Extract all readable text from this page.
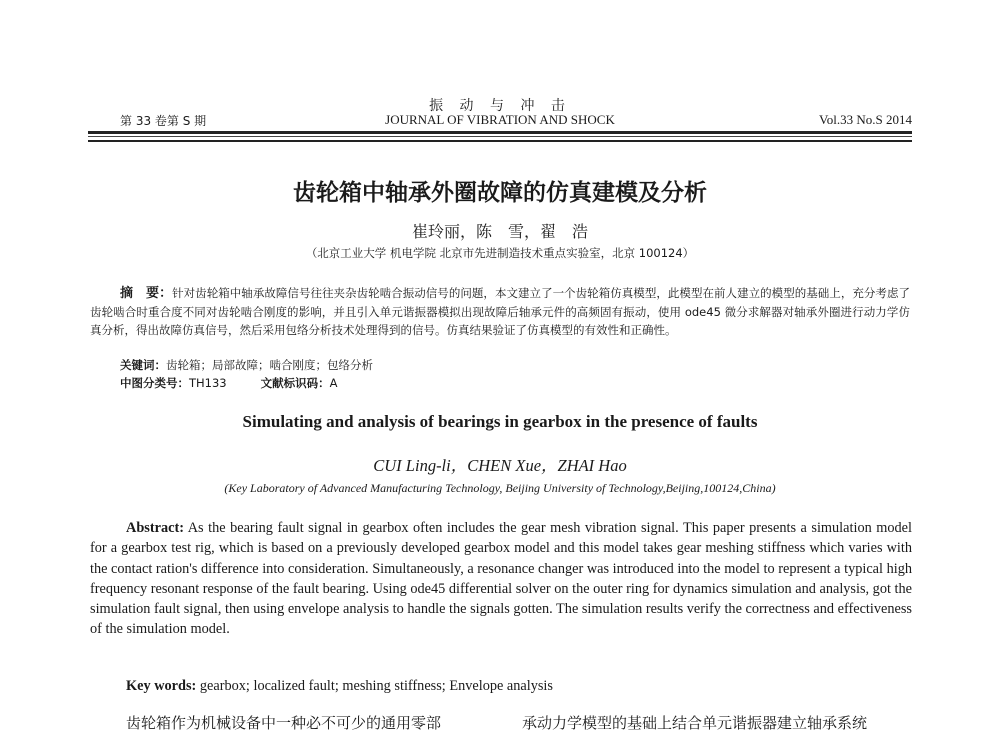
振 动 与 冲 击
第 33 卷第 S 期	JOURNAL OF VIBRATION AND SHOCK	Vol.33 No.S 2014
齿轮箱中轴承外圈故障的仿真建模及分析
崔玲丽，陈　雪，翟　浩
（北京工业大学 机电学院 北京市先进制造技术重点实验室，北京 100124）
摘　要：针对齿轮箱中轴承故障信号往往夹杂齿轮啮合振动信号的问题，本文建立了一个齿轮箱仿真模型，此模型在前人建立的模型的基础上，充分考虑了齿轮啮合时重合度不同对齿轮啮合刚度的影响，并且引入单元谐振器模拟出现故障后轴承元件的高频固有振动，使用 ode45 微分求解器对轴承外圈进行动力学仿真分析，得出故障仿真信号，然后采用包络分析技术处理得到的信号。仿真结果验证了仿真模型的有效性和正确性。
关键词：齿轮箱；局部故障；啮合刚度；包络分析
中图分类号：TH133	文献标识码：A
Simulating and analysis of bearings in gearbox in the presence of faults
CUI Ling-li，CHEN Xue，ZHAI Hao
(Key Laboratory of Advanced Manufacturing Technology, Beijing University of Technology,Beijing,100124,China)
Abstract: As the bearing fault signal in gearbox often includes the gear mesh vibration signal. This paper presents a simulation model for a gearbox test rig, which is based on a previously developed gearbox model and this model takes gear meshing stiffness which varies with the contact ration's difference into consideration. Simultaneously, a resonance changer was introduced into the model to represent a typical high frequency resonant response of the fault bearing. Using ode45 differential solver on the outer ring for dynamics simulation and analysis, got the simulation fault signal, then using envelope analysis to handle the signals gotten. The simulation results verify the correctness and effectiveness of the simulation model.
Key words: gearbox; localized fault; meshing stiffness; Envelope analysis
齿轮箱作为机械设备中一种必不可少的通用零部	承动力学模型的基础上结合单元谐振器建立轴承系统
